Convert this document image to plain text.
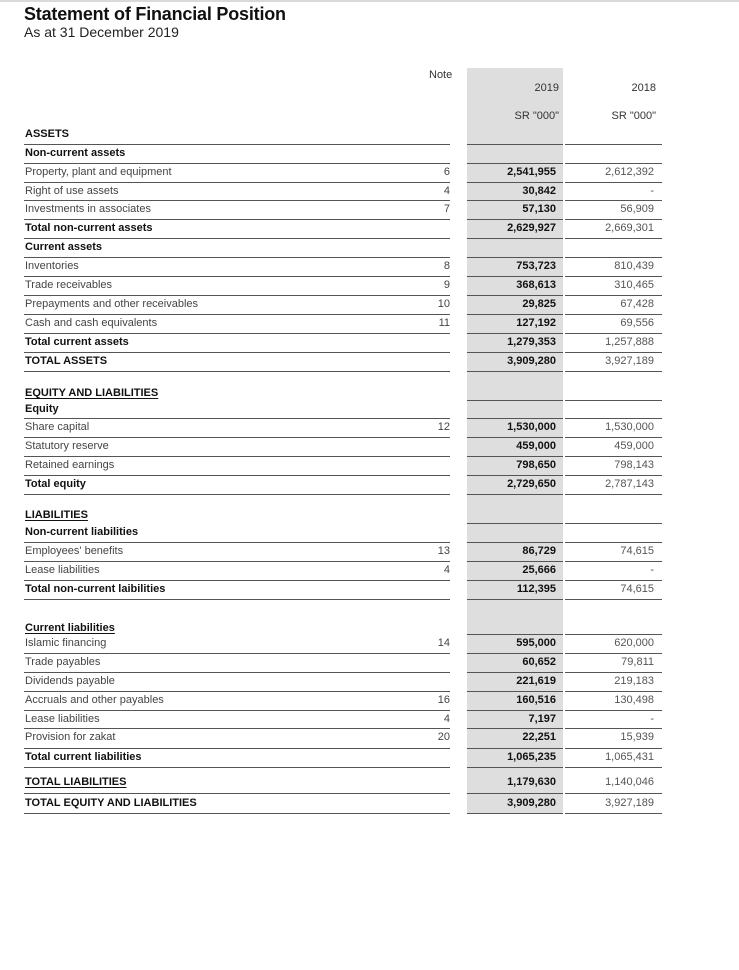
Statement of Financial Position
As at 31 December 2019
Note
2019	2018
SR "000"	SR "000"
ASSETS
Non-current assets
Property, plant and equipment	6	2,541,955	2,612,392
Right of use assets	4	30,842	-
Investments in associates	7	57,130	56,909
Total non-current assets	2,629,927	2,669,301
Current assets
Inventories	8	753,723	810,439
Trade receivables	9	368,613	310,465
Prepayments and other receivables	10	29,825	67,428
Cash and cash equivalents	11	127,192	69,556
Total current assets	1,279,353	1,257,888
TOTAL ASSETS	3,909,280	3,927,189
EQUITY AND LIABILITIES
Equity
Share capital	12	1,530,000	1,530,000
Statutory reserve	459,000	459,000
Retained earnings	798,650	798,143
Total equity	2,729,650	2,787,143
LIABILITIES
Non-current liabilities
Employees' benefits	13	86,729	74,615
Lease liabilities	4	25,666	-
Total non-current laibilities	112,395	74,615
Current liabilities
Islamic financing	14	595,000	620,000
Trade payables	60,652	79,811
Dividends payable	221,619	219,183
Accruals and other payables	16	160,516	130,498
Lease liabilities	4	7,197	-
Provision for zakat	20	22,251	15,939
Total current liabilities	1,065,235	1,065,431
TOTAL LIABILITIES	1,179,630	1,140,046
TOTAL EQUITY AND LIABILITIES	3,909,280	3,927,189
